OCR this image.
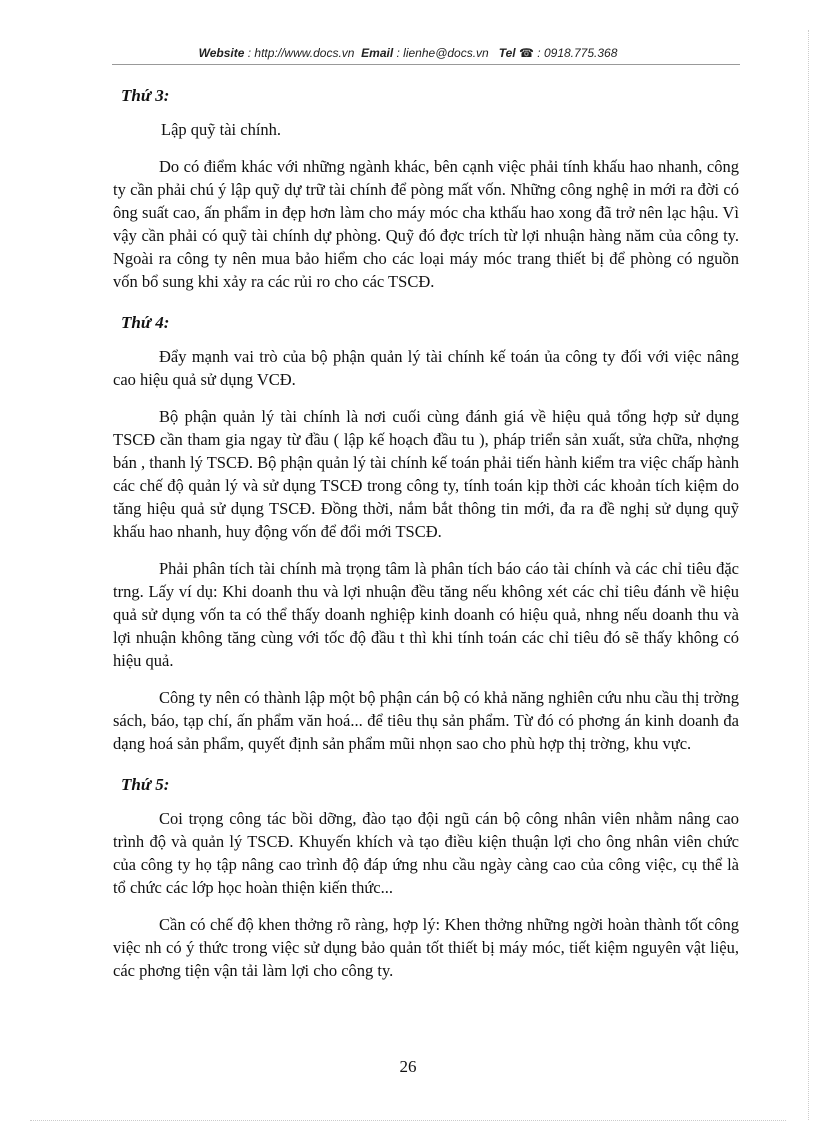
Website : http://www.docs.vn Email : lienhe@docs.vn Tel ☎ : 0918.775.368
Thứ 3:

Lập quỹ tài chính.

Do có điểm khác với những ngành khác, bên cạnh việc phải tính khấu hao nhanh, công ty cần phải chú ý lập quỹ dự trữ tài chính để pòng mất vốn. Những công nghệ in mới ra đời có ông suất cao, ấn phẩm in đẹp hơn làm cho máy móc cha kthấu hao xong đã trở nên lạc hậu. Vì vậy cần phải có quỹ tài chính dự phòng. Quỹ đó đợc trích từ lợi nhuận hàng năm của công ty. Ngoài ra công ty nên mua bảo hiểm cho các loại máy móc trang thiết bị để phòng có nguồn vốn bổ sung khi xảy ra các rủi ro cho các TSCĐ.

Thứ 4:

Đẩy mạnh vai trò của bộ phận quản lý tài chính kế toán ủa công ty đối với việc nâng cao hiệu quả sử dụng VCĐ.

Bộ phận quản lý tài chính là nơi cuối cùng đánh giá về hiệu quả tổng hợp sử dụng TSCĐ cần tham gia ngay từ đầu ( lập kế hoạch đầu tu ), pháp triển sản xuất, sửa chữa, nhợng bán , thanh lý TSCĐ. Bộ phận quản lý tài chính kế toán phải tiến hành kiểm tra việc chấp hành các chế độ quản lý và sử dụng TSCĐ trong công ty, tính toán kịp thời các khoản tích kiệm do tăng hiệu quả sử dụng TSCĐ. Đồng thời, nắm bắt thông tin mới, đa ra đề nghị sử dụng quỹ khấu hao nhanh, huy động vốn để đổi mới TSCĐ.

Phải phân tích tài chính mà trọng tâm là phân tích báo cáo tài chính và các chỉ tiêu đặc trng. Lấy ví dụ: Khi doanh thu và lợi nhuận đều tăng nếu không xét các chỉ tiêu đánh về hiệu quả sử dụng vốn ta có thể thấy doanh nghiệp kinh doanh có hiệu quả, nhng nếu doanh thu và lợi nhuận không tăng cùng với tốc độ đầu t thì khi tính toán các chỉ tiêu đó sẽ thấy không có hiệu quả.

Công ty nên có thành lập một bộ phận cán bộ có khả năng nghiên cứu nhu cầu thị trờng sách, báo, tạp chí, ấn phẩm văn hoá... để tiêu thụ sản phẩm. Từ đó có phơng án kinh doanh đa dạng hoá sản phẩm, quyết định sản phẩm mũi nhọn sao cho phù hợp thị trờng, khu vực.

Thứ 5:

Coi trọng công tác bồi dỡng, đào tạo đội ngũ cán bộ công nhân viên nhằm nâng cao trình độ và quản lý TSCĐ. Khuyến khích và tạo điều kiện thuận lợi cho ông nhân viên chức của công ty họ tập nâng cao trình độ đáp ứng nhu cầu ngày càng cao của công việc, cụ thể là tổ chức các lớp học hoàn thiện kiến thức...

Cần có chế độ khen thởng rõ ràng, hợp lý: Khen thởng những ngời hoàn thành tốt công việc nh có ý thức trong việc sử dụng bảo quản tốt thiết bị máy móc, tiết kiệm nguyên vật liệu, các phơng tiện vận tải làm lợi cho công ty.

26
